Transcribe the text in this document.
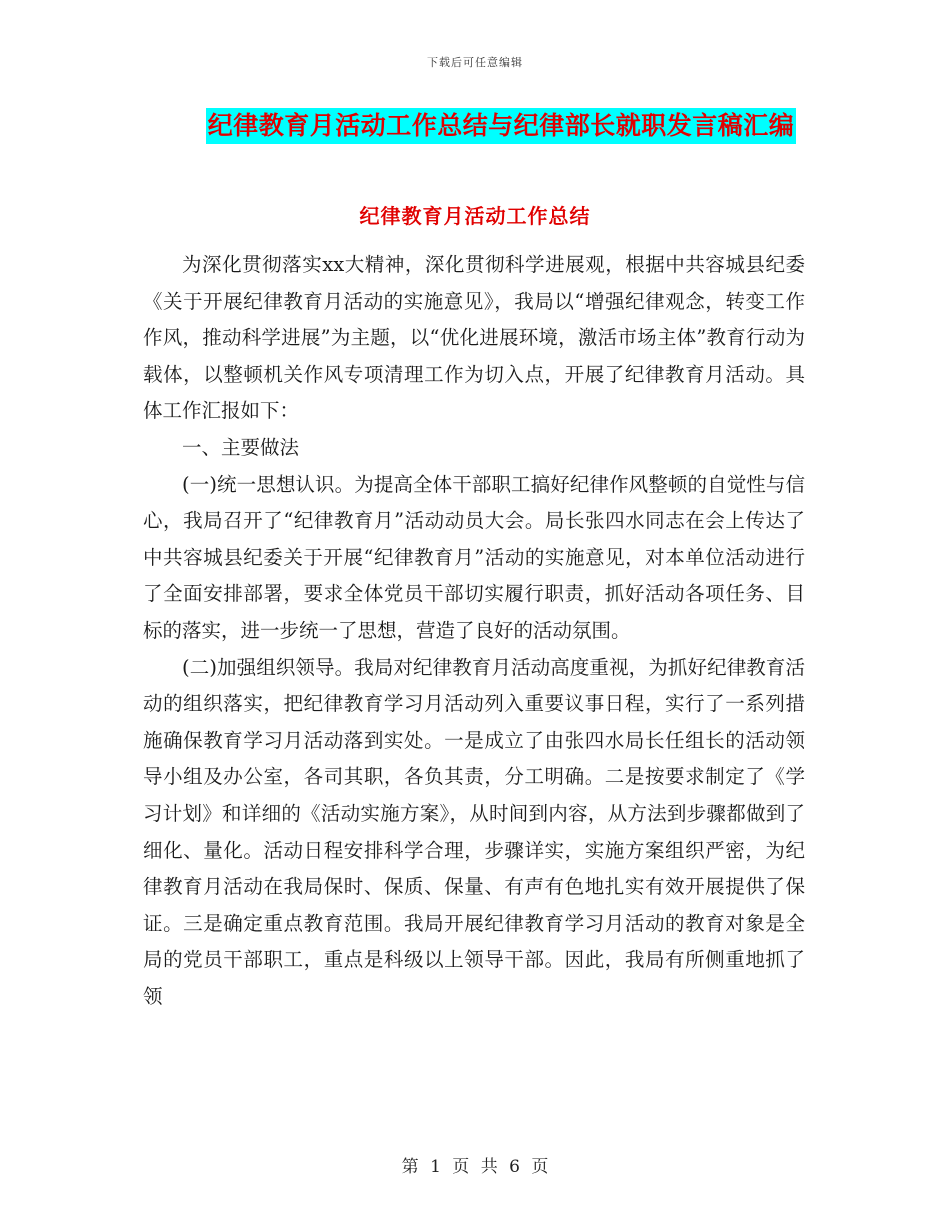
下载后可任意编辑
纪律教育月活动工作总结与纪律部长就职发言稿汇编
纪律教育月活动工作总结

为深化贯彻落实xx大精神，深化贯彻科学进展观，根据中共容城县纪委《关于开展纪律教育月活动的实施意见》，我局以“增强纪律观念，转变工作作风，推动科学进展”为主题，以“优化进展环境，激活市场主体”教育行动为载体，以整顿机关作风专项清理工作为切入点，开展了纪律教育月活动。具体工作汇报如下：

一、主要做法

(一)统一思想认识。为提高全体干部职工搞好纪律作风整顿的自觉性与信心，我局召开了“纪律教育月”活动动员大会。局长张四水同志在会上传达了中共容城县纪委关于开展“纪律教育月”活动的实施意见，对本单位活动进行了全面安排部署，要求全体党员干部切实履行职责，抓好活动各项任务、目标的落实，进一步统一了思想，营造了良好的活动氛围。

(二)加强组织领导。我局对纪律教育月活动高度重视，为抓好纪律教育活动的组织落实，把纪律教育学习月活动列入重要议事日程，实行了一系列措施确保教育学习月活动落到实处。一是成立了由张四水局长任组长的活动领导小组及办公室，各司其职，各负其责，分工明确。二是按要求制定了《学习计划》和详细的《活动实施方案》，从时间到内容，从方法到步骤都做到了细化、量化。活动日程安排科学合理，步骤详实，实施方案组织严密，为纪律教育月活动在我局保时、保质、保量、有声有色地扎实有效开展提供了保证。三是确定重点教育范围。我局开展纪律教育学习月活动的教育对象是全局的党员干部职工，重点是科级以上领导干部。因此，我局有所侧重地抓了领

第 1 页 共 6 页
